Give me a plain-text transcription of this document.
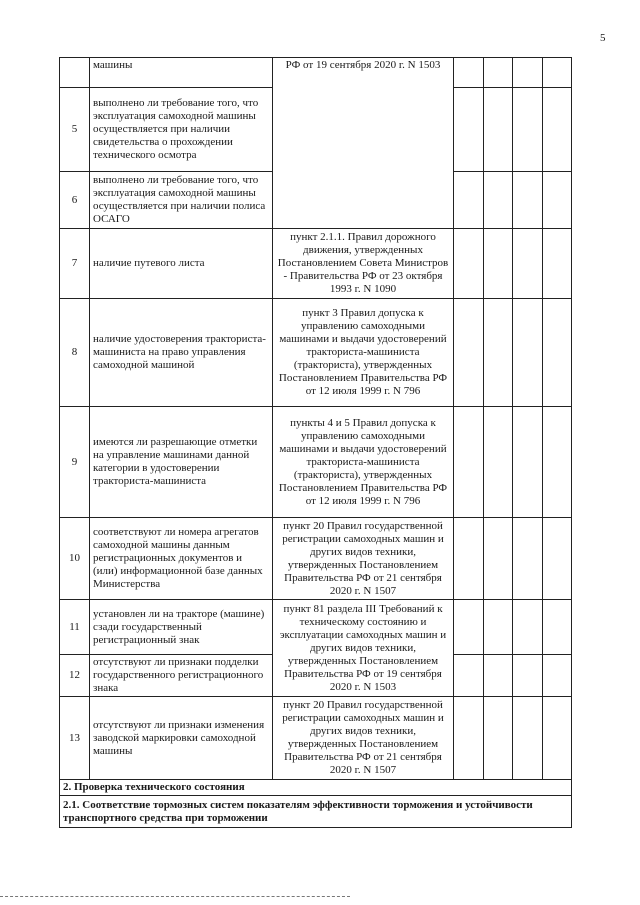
5
	машины	РФ от 19 сентября 2020 г. N 1503				
5	выполнено ли требование того, что эксплуатация самоходной машины осуществляется при наличии свидетельства о прохождении технического осмотра					
6	выполнено ли требование того, что эксплуатация самоходной машины осуществляется при наличии полиса ОСАГО					
7	наличие путевого листа	пункт 2.1.1. Правил дорожного движения, утвержденных Постановлением Совета Министров - Правительства РФ от 23 октября 1993 г. N 1090				
8	наличие удостоверения тракториста-машиниста на право управления самоходной машиной	пункт 3 Правил допуска к управлению самоходными машинами и выдачи удостоверений тракториста-машиниста (тракториста), утвержденных Постановлением Правительства РФ от 12 июля 1999 г. N 796				
9	имеются ли разрешающие отметки на управление машинами данной категории в удостоверении тракториста-машиниста	пункты 4 и 5 Правил допуска к управлению самоходными машинами и выдачи удостоверений тракториста-машиниста (тракториста), утвержденных Постановлением Правительства РФ от 12 июля 1999 г. N 796				
10	соответствуют ли номера агрегатов самоходной машины данным регистрационных документов и (или) информационной базе данных Министерства	пункт 20 Правил государственной регистрации самоходных машин и других видов техники, утвержденных Постановлением Правительства РФ от 21 сентября 2020 г. N 1507				
11	установлен ли на тракторе (машине) сзади государственный регистрационный знак	пункт 81 раздела III Требований к техническому состоянию и эксплуатации самоходных машин и других видов техники, утвержденных Постановлением Правительства РФ от 19 сентября 2020 г. N 1503				
12	отсутствуют ли признаки подделки государственного регистрационного знака					
13	отсутствуют ли признаки изменения заводской маркировки самоходной машины	пункт 20 Правил государственной регистрации самоходных машин и других видов техники, утвержденных Постановлением Правительства РФ от 21 сентября 2020 г. N 1507				
2. Проверка технического состояния						
2.1. Соответствие тормозных систем показателям эффективности торможения и устойчивости транспортного средства при торможении						
